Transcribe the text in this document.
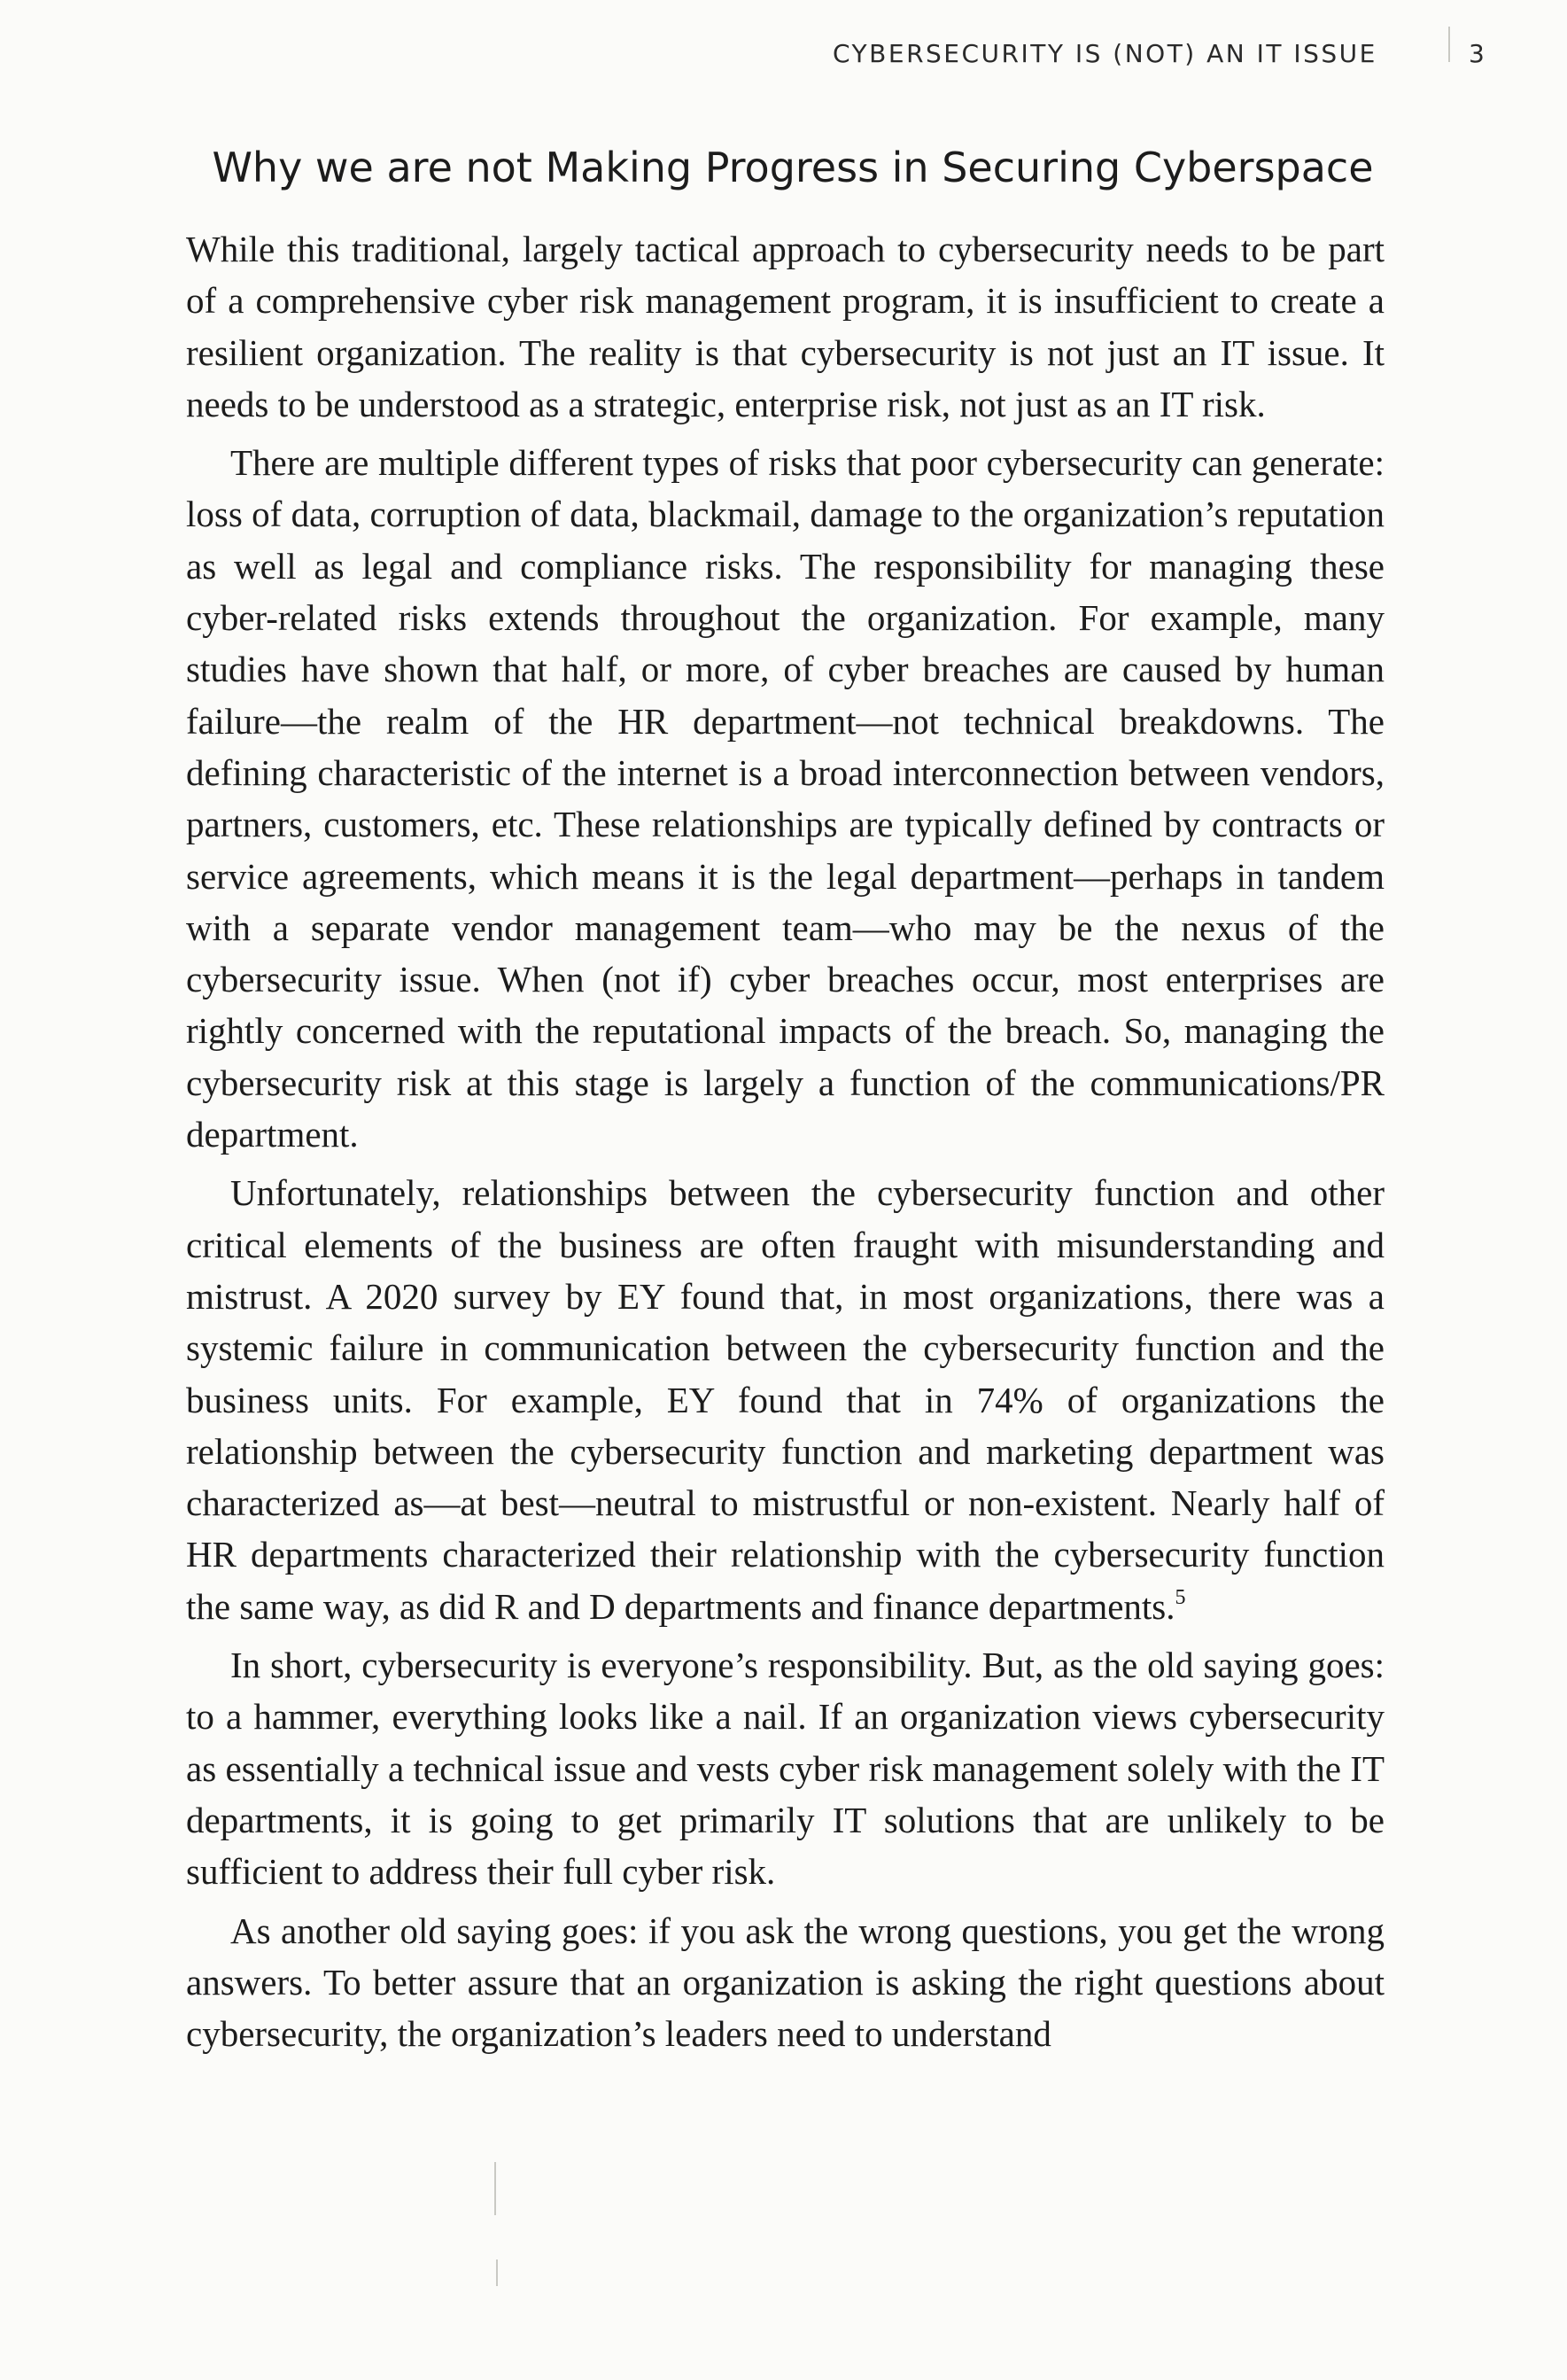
CYBERSECURITY IS (NOT) AN IT ISSUE	3
Why we are not Making Progress in Securing Cyberspace

While this traditional, largely tactical approach to cybersecurity needs to be part of a comprehensive cyber risk management program, it is insufficient to create a resilient organization. The reality is that cybersecurity is not just an IT issue. It needs to be understood as a strategic, enterprise risk, not just as an IT risk.

There are multiple different types of risks that poor cybersecurity can generate: loss of data, corruption of data, blackmail, damage to the organization’s reputation as well as legal and compliance risks. The responsibility for managing these cyber-related risks extends throughout the organization. For example, many studies have shown that half, or more, of cyber breaches are caused by human failure—the realm of the HR department—not technical breakdowns. The defining characteristic of the internet is a broad interconnection between vendors, partners, customers, etc. These relationships are typically defined by contracts or service agreements, which means it is the legal department—perhaps in tandem with a separate vendor management team—who may be the nexus of the cybersecurity issue. When (not if) cyber breaches occur, most enterprises are rightly concerned with the reputational impacts of the breach. So, managing the cybersecurity risk at this stage is largely a function of the communications/PR department.

Unfortunately, relationships between the cybersecurity function and other critical elements of the business are often fraught with misunderstanding and mistrust. A 2020 survey by EY found that, in most organizations, there was a systemic failure in communication between the cybersecurity function and the business units. For example, EY found that in 74% of organizations the relationship between the cybersecurity function and marketing department was characterized as—at best—neutral to mistrustful or non-existent. Nearly half of HR departments characterized their relationship with the cybersecurity function the same way, as did R and D departments and finance departments.$^5$

In short, cybersecurity is everyone’s responsibility. But, as the old saying goes: to a hammer, everything looks like a nail. If an organization views cybersecurity as essentially a technical issue and vests cyber risk management solely with the IT departments, it is going to get primarily IT solutions that are unlikely to be sufficient to address their full cyber risk.

As another old saying goes: if you ask the wrong questions, you get the wrong answers. To better assure that an organization is asking the right questions about cybersecurity, the organization’s leaders need to understand
